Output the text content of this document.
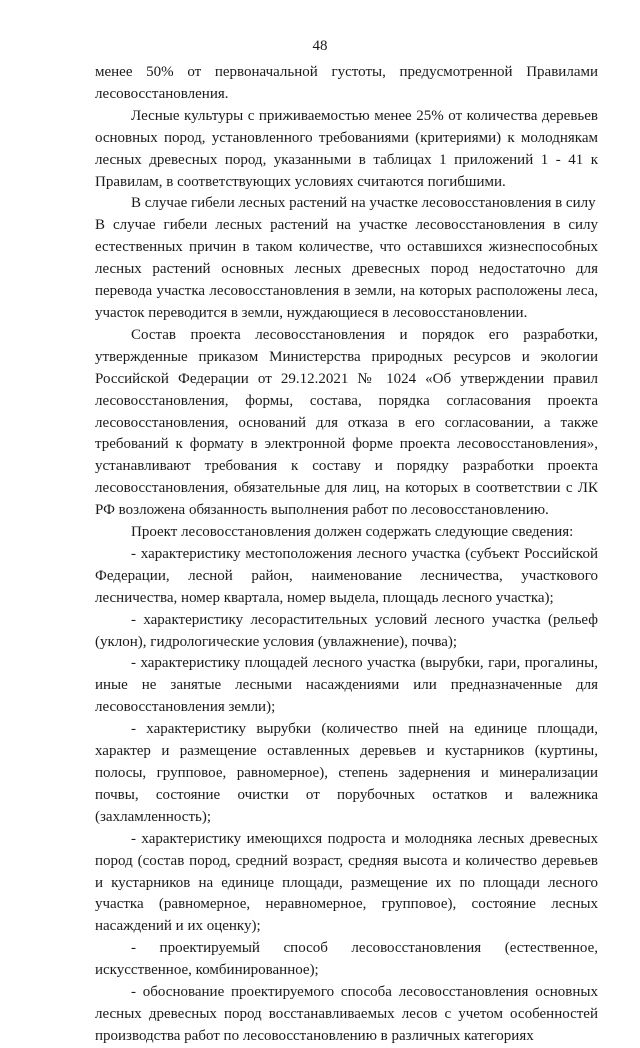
48

менее 50% от первоначальной густоты, предусмотренной Правилами лесовосстановления.

Лесные культуры с приживаемостью менее 25% от количества деревьев основных пород, установленного требованиями (критериями) к молоднякам лесных древесных пород, указанными в таблицах 1 приложений 1 - 41 к Правилам, в соответствующих условиях считаются погибшими.

В случае гибели лесных растений на участке лесовосстановления в силу

В случае гибели лесных растений на участке лесовосстановления в силу естественных причин в таком количестве, что оставшихся жизнеспособных лесных растений основных лесных древесных пород недостаточно для перевода участка лесовосстановления в земли, на которых расположены леса, участок переводится в земли, нуждающиеся в лесовосстановлении.

Состав проекта лесовосстановления и порядок его разработки, утвержденные приказом Министерства природных ресурсов и экологии Российской Федерации от 29.12.2021 № 1024 «Об утверждении правил лесовосстановления, формы, состава, порядка согласования проекта лесовосстановления, оснований для отказа в его согласовании, а также требований к формату в электронной форме проекта лесовосстановления», устанавливают требования к составу и порядку разработки проекта лесовосстановления, обязательные для лиц, на которых в соответствии с ЛК РФ возложена обязанность выполнения работ по лесовосстановлению.

Проект лесовосстановления должен содержать следующие сведения:

- характеристику местоположения лесного участка (субъект Российской Федерации, лесной район, наименование лесничества, участкового лесничества, номер квартала, номер выдела, площадь лесного участка);

- характеристику лесорастительных условий лесного участка (рельеф (уклон), гидрологические условия (увлажнение), почва);

- характеристику площадей лесного участка (вырубки, гари, прогалины, иные не занятые лесными насаждениями или предназначенные для лесовосстановления земли);

- характеристику вырубки (количество пней на единице площади, характер и размещение оставленных деревьев и кустарников (куртины, полосы, групповое, равномерное), степень задернения и минерализации почвы, состояние очистки от порубочных остатков и валежника (захламленность);

- характеристику имеющихся подроста и молодняка лесных древесных пород (состав пород, средний возраст, средняя высота и количество деревьев и кустарников на единице площади, размещение их по площади лесного участка (равномерное, неравномерное, групповое), состояние лесных насаждений и их оценку);

- проектируемый способ лесовосстановления (естественное, искусственное, комбинированное);

- обоснование проектируемого способа лесовосстановления основных лесных древесных пород восстанавливаемых лесов с учетом особенностей производства работ по лесовосстановлению в различных категориях
